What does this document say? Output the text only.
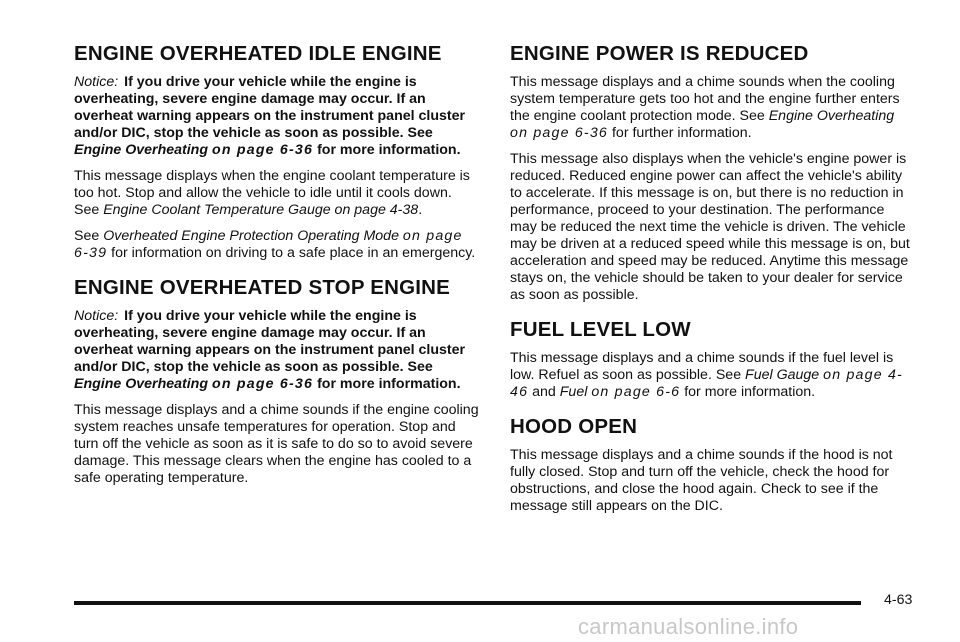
ENGINE OVERHEATED IDLE ENGINE

Notice: If you drive your vehicle while the engine is overheating, severe engine damage may occur. If an overheat warning appears on the instrument panel cluster and/or DIC, stop the vehicle as soon as possible. See Engine Overheating on page 6-36 for more information.

This message displays when the engine coolant temperature is too hot. Stop and allow the vehicle to idle until it cools down. See Engine Coolant Temperature Gauge on page 4-38.

See Overheated Engine Protection Operating Mode on page 6-39 for information on driving to a safe place in an emergency.

ENGINE OVERHEATED STOP ENGINE

Notice: If you drive your vehicle while the engine is overheating, severe engine damage may occur. If an overheat warning appears on the instrument panel cluster and/or DIC, stop the vehicle as soon as possible. See Engine Overheating on page 6-36 for more information.

This message displays and a chime sounds if the engine cooling system reaches unsafe temperatures for operation. Stop and turn off the vehicle as soon as it is safe to do so to avoid severe damage. This message clears when the engine has cooled to a safe operating temperature.

ENGINE POWER IS REDUCED

This message displays and a chime sounds when the cooling system temperature gets too hot and the engine further enters the engine coolant protection mode. See Engine Overheating on page 6-36 for further information.

This message also displays when the vehicle's engine power is reduced. Reduced engine power can affect the vehicle's ability to accelerate. If this message is on, but there is no reduction in performance, proceed to your destination. The performance may be reduced the next time the vehicle is driven. The vehicle may be driven at a reduced speed while this message is on, but acceleration and speed may be reduced. Anytime this message stays on, the vehicle should be taken to your dealer for service as soon as possible.

FUEL LEVEL LOW

This message displays and a chime sounds if the fuel level is low. Refuel as soon as possible. See Fuel Gauge on page 4-46 and Fuel on page 6-6 for more information.

HOOD OPEN

This message displays and a chime sounds if the hood is not fully closed. Stop and turn off the vehicle, check the hood for obstructions, and close the hood again. Check to see if the message still appears on the DIC.

4-63
carmanualsonline.info
